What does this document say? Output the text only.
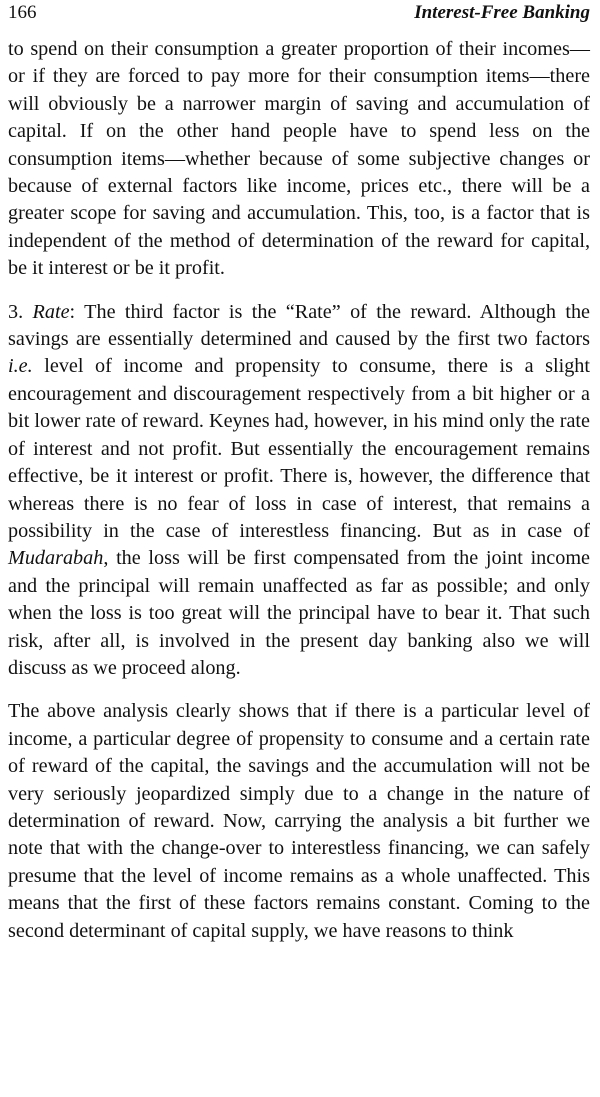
166	Interest-Free Banking

to spend on their consumption a greater proportion of their incomes—or if they are forced to pay more for their consumption items—there will obviously be a narrower margin of saving and accumulation of capital. If on the other hand people have to spend less on the consumption items—whether because of some subjective changes or because of external factors like income, prices etc., there will be a greater scope for saving and accumulation. This, too, is a factor that is independent of the method of determination of the reward for capital, be it interest or be it profit.

3. Rate: The third factor is the “Rate” of the reward. Although the savings are essentially determined and caused by the first two factors i.e. level of income and propensity to consume, there is a slight encouragement and discouragement respectively from a bit higher or a bit lower rate of reward. Keynes had, however, in his mind only the rate of interest and not profit. But essentially the encouragement remains effective, be it interest or profit. There is, however, the difference that whereas there is no fear of loss in case of interest, that remains a possibility in the case of interestless financing. But as in case of Mudarabah, the loss will be first compensated from the joint income and the principal will remain unaffected as far as possible; and only when the loss is too great will the principal have to bear it. That such risk, after all, is involved in the present day banking also we will discuss as we proceed along.

The above analysis clearly shows that if there is a particular level of income, a particular degree of propensity to consume and a certain rate of reward of the capital, the savings and the accumulation will not be very seriously jeopardized simply due to a change in the nature of determination of reward. Now, carrying the analysis a bit further we note that with the change-over to interestless financing, we can safely presume that the level of income remains as a whole unaffected. This means that the first of these factors remains constant. Coming to the second determinant of capital supply, we have reasons to think
